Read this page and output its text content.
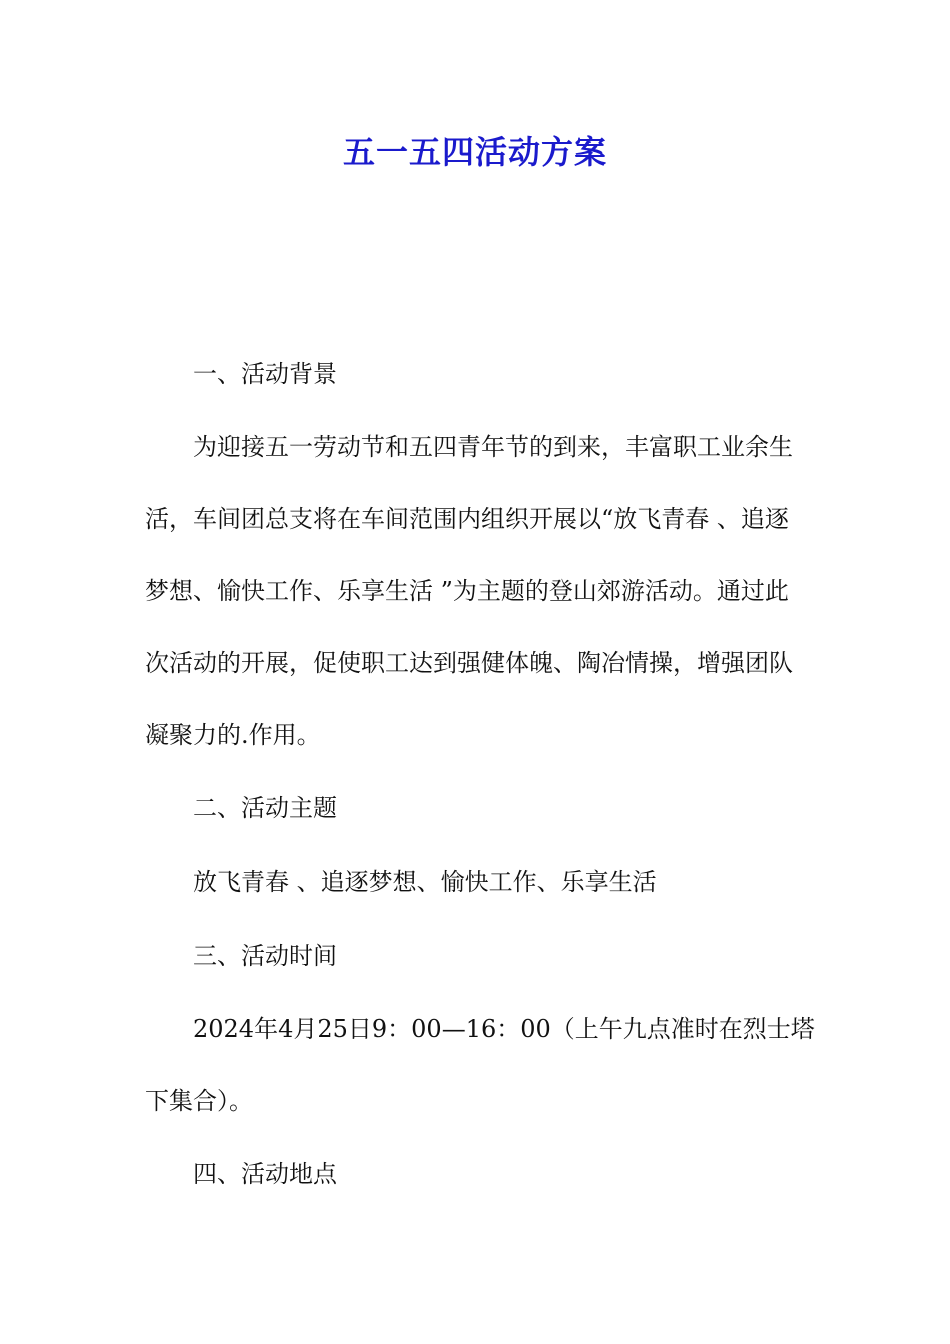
五一五四活动方案

一、活动背景

为迎接五一劳动节和五四青年节的到来，丰富职工业余生
活，车间团总支将在车间范围内组织开展以“放飞青春 、追逐
梦想、愉快工作、乐享生活 ”为主题的登山郊游活动。通过此
次活动的开展，促使职工达到强健体魄、陶冶情操，增强团队
凝聚力的.作用。

二、活动主题

放飞青春 、追逐梦想、愉快工作、乐享生活

三、活动时间

2024年4月25日9：00—16：00（上午九点准时在烈士塔
下集合）。

四、活动地点
